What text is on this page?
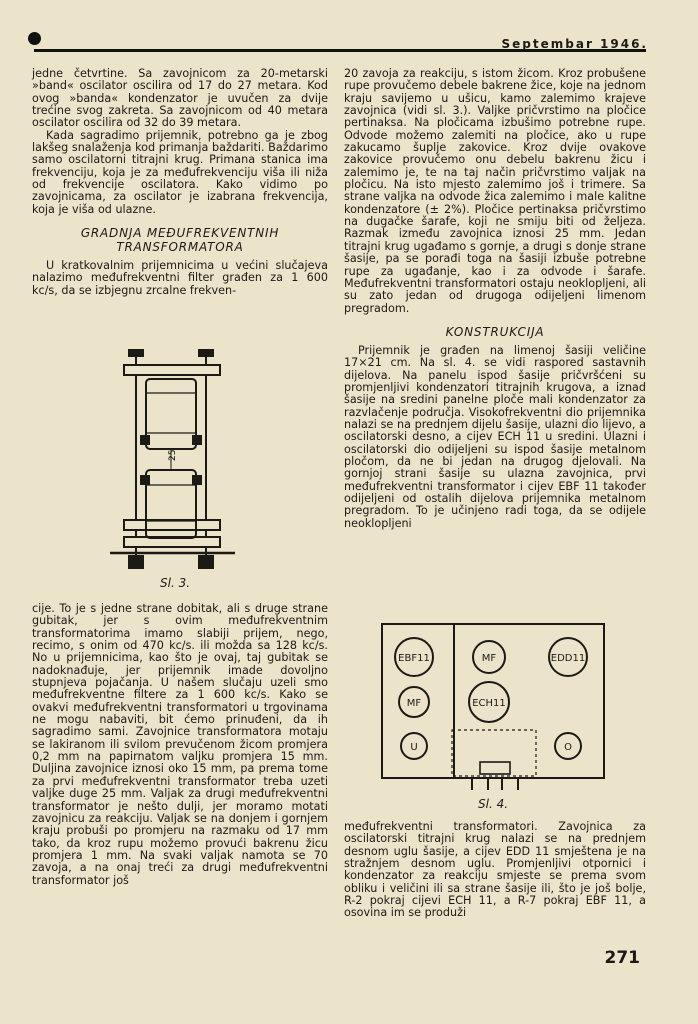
Septembar 1946.

jedne četvrtine. Sa zavojnicom za 20-metarski »band« oscilator oscilira od 17 do 27 metara. Kod ovog »banda« kondenzator je uvučen za dvije trećine svog zakreta. Sa zavojnicom od 40 metara oscilator oscilira od 32 do 39 metara.

Kada sagradimo prijemnik, potrebno ga je zbog lakšeg snalaženja kod primanja baždariti. Baždarimo samo oscilatorni titrajni krug. Primana stanica ima frekvenciju, koja je za međufrekvenciju viša ili niža od frekvencije oscilatora. Kako vidimo po zavojnicama, za oscilator je izabrana frekvencija, koja je viša od ulazne.

GRADNJA MEĐUFREKVENTNIH TRANSFORMATORA

U kratkovalnim prijemnicima u većini slučajeva nalazimo međufrekventni filter građen za 1 600 kc/s, da se izbjegnu zrcalne frekven-

25
Sl. 3.

cije. To je s jedne strane dobitak, ali s druge strane gubitak, jer s ovim međufrekventnim transformatorima imamo slabiji prijem, nego, recimo, s onim od 470 kc/s. ili možda sa 128 kc/s. No u prijemnicima, kao što je ovaj, taj gubitak se nadoknađuje, jer prijemnik imade dovoljno stupnjeva pojačanja. U našem slučaju uzeli smo međufrekventne filtere za 1 600 kc/s. Kako se ovakvi međufrekventni transformatori u trgovinama ne mogu nabaviti, bit ćemo prinuđeni, da ih sagradimo sami. Zavojnice transformatora motaju se lakiranom ili svilom prevučenom žicom promjera 0,2 mm na papirnatom valjku promjera 15 mm. Duljina zavojnice iznosi oko 15 mm, pa prema tome za prvi međufrekventni transformator treba uzeti valjke duge 25 mm. Valjak za drugi međufrekventni transformator je nešto dulji, jer moramo motati zavojnicu za reakciju. Valjak se na donjem i gornjem kraju probuši po promjeru na razmaku od 17 mm tako, da kroz rupu možemo provući bakrenu žicu promjera 1 mm. Na svaki valjak namota se 70 zavoja, a na onaj treći za drugi međufrekventni transformator još

20 zavoja za reakciju, s istom žicom. Kroz probušene rupe provučemo debele bakrene žice, koje na jednom kraju savijemo u ušicu, kamo zalemimo krajeve zavojnica (vidi sl. 3.). Valjke pričvrstimo na pločice pertinaksa. Na pločicama izbušimo potrebne rupe. Odvode možemo zalemiti na pločice, ako u rupe zakucamo šuplje zakovice. Kroz dvije ovakove zakovice provučemo onu debelu bakrenu žicu i zalemimo je, te na taj način pričvrstimo valjak na pločicu. Na isto mjesto zalemimo još i trimere. Sa strane valjka na odvode žica zalemimo i male kalitne kondenzatore (± 2%). Pločice pertinaksa pričvrstimo na dugačke šarafe, koji ne smiju biti od željeza. Razmak između zavojnica iznosi 25 mm. Jedan titrajni krug ugađamo s gornje, a drugi s donje strane šasije, pa se porađi toga na šasiji izbuše potrebne rupe za ugađanje, kao i za odvode i šarafe. Međufrekventni transformatori ostaju neoklopljeni, ali su zato jedan od drugoga odijeljeni limenom pregradom.

KONSTRUKCIJA

Prijemnik je građen na limenoj šasiji veličine 17×21 cm. Na sl. 4. se vidi raspored sastavnih dijelova. Na panelu ispod šasije pričvršćeni su promjenljivi kondenzatori titrajnih krugova, a iznad šasije na sredini panelne ploče mali kondenzator za razvlačenje područja. Visokofrekventni dio prijemnika nalazi se na prednjem dijelu šasije, ulazni dio lijevo, a oscilatorski desno, a cijev ECH 11 u sredini. Ulazni i oscilatorski dio odijeljeni su ispod šasije metalnom pločom, da ne bi jedan na drugog djelovali. Na gornjoj strani šasije su ulazna zavojnica, prvi međufrekventni transformator i cijev EBF 11 također odijeljeni od ostalih dijelova prijemnika metalnom pregradom. To je učinjeno radi toga, da se odijele neoklopljeni

EBF11	MF	EDD11
MF	ECH11
U	O
Sl. 4.

međufrekventni transformatori. Zavojnica za oscilatorski titrajni krug nalazi se na prednjem desnom uglu šasije, a cijev EDD 11 smještena je na stražnjem desnom uglu. Promjenljivi otpornici i kondenzator za reakciju smjeste se prema svom obliku i veličini ili sa strane šasije ili, što je još bolje, R-2 pokraj cijevi ECH 11, a R-7 pokraj EBF 11, a osovina im se produži

271
